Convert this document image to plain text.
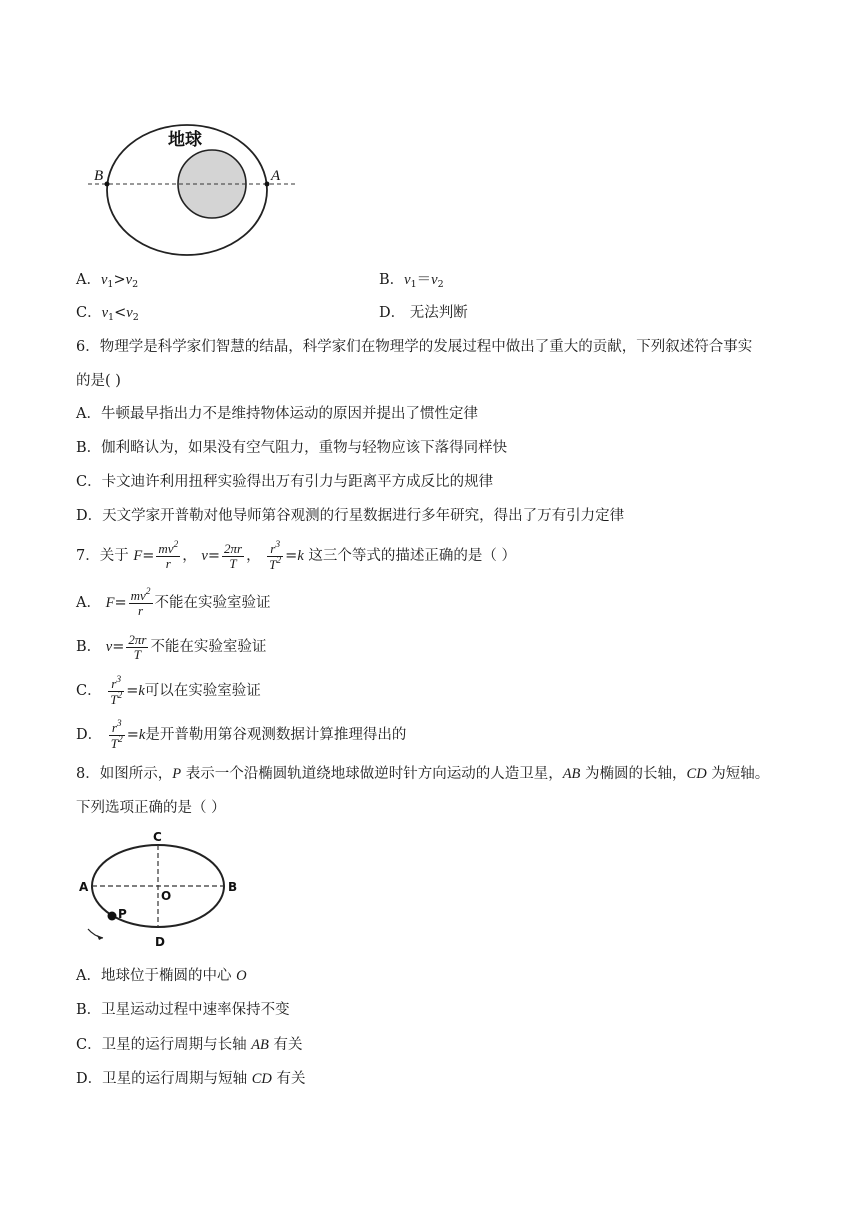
地球
B	A
A．$v_1>v_2$	B．$v_1=v_2$
C．$v_1<v_2$	D． 无法判断
6．物理学是科学家们智慧的结晶，科学家们在物理学的发展过程中做出了重大的贡献，下列叙述符合事实
的是( )
A．牛顿最早指出力不是维持物体运动的原因并提出了惯性定律
B．伽利略认为，如果没有空气阻力，重物与轻物应该下落得同样快
C．卡文迪许利用扭秤实验得出万有引力与距离平方成反比的规律
D．天文学家开普勒对他导师第谷观测的行星数据进行多年研究，得出了万有引力定律
7．关于 $F= \frac{mv^2}{r}$ ， $v= \frac{2\pi r}{T}$ ， $\frac{r^3}{T^2} =k$ 这三个等式的描述正确的是（ ）
A． $F= \frac{mv^2}{r}$ 不能在实验室验证
B． $v= \frac{2\pi r}{T}$ 不能在实验室验证
C． $\frac{r^3}{T^2} =k$可以在实验室验证
D． $\frac{r^3}{T^2} =k$是开普勒用第谷观测数据计算推理得出的
8．如图所示，P 表示一个沿椭圆轨道绕地球做逆时针方向运动的人造卫星，AB 为椭圆的长轴，CD 为短轴。
下列选项正确的是（ ）
C
A	B
O
D
P
A．地球位于椭圆的中心 O
B．卫星运动过程中速率保持不变
C．卫星的运行周期与长轴 AB 有关
D．卫星的运行周期与短轴 CD 有关
